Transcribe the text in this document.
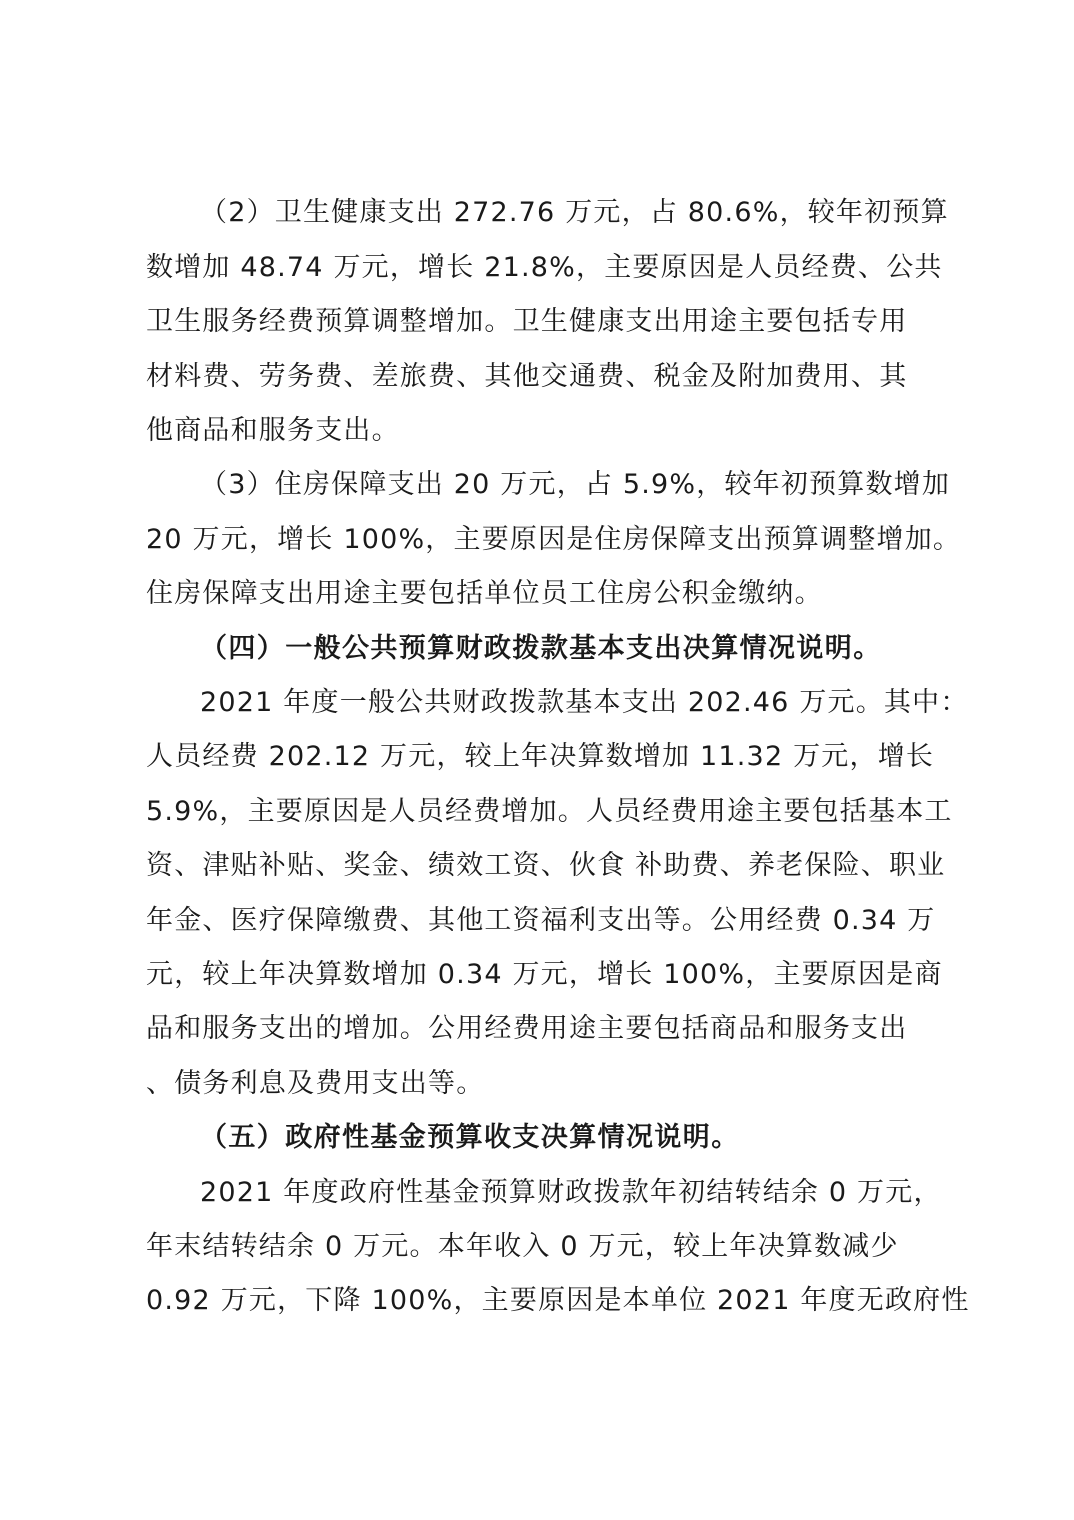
（2）卫生健康支出 272.76 万元，占 80.6%，较年初预算
数增加 48.74 万元，增长 21.8%，主要原因是人员经费、公共
卫生服务经费预算调整增加。卫生健康支出用途主要包括专用
材料费、劳务费、差旅费、其他交通费、税金及附加费用、其
他商品和服务支出。
（3）住房保障支出 20 万元，占 5.9%，较年初预算数增加
20 万元，增长 100%，主要原因是住房保障支出预算调整增加。
住房保障支出用途主要包括单位员工住房公积金缴纳。
（四）一般公共预算财政拨款基本支出决算情况说明。
2021 年度一般公共财政拨款基本支出 202.46 万元。其中：
人员经费 202.12 万元，较上年决算数增加 11.32 万元，增长
5.9%，主要原因是人员经费增加。人员经费用途主要包括基本工
资、津贴补贴、奖金、绩效工资、伙食 补助费、养老保险、职业
年金、医疗保障缴费、其他工资福利支出等。公用经费 0.34 万
元，较上年决算数增加 0.34 万元，增长 100%，主要原因是商
品和服务支出的增加。公用经费用途主要包括商品和服务支出
、债务利息及费用支出等。
（五）政府性基金预算收支决算情况说明。
2021 年度政府性基金预算财政拨款年初结转结余 0 万元，
年末结转结余 0 万元。本年收入 0 万元，较上年决算数减少
0.92 万元，下降 100%，主要原因是本单位 2021 年度无政府性
